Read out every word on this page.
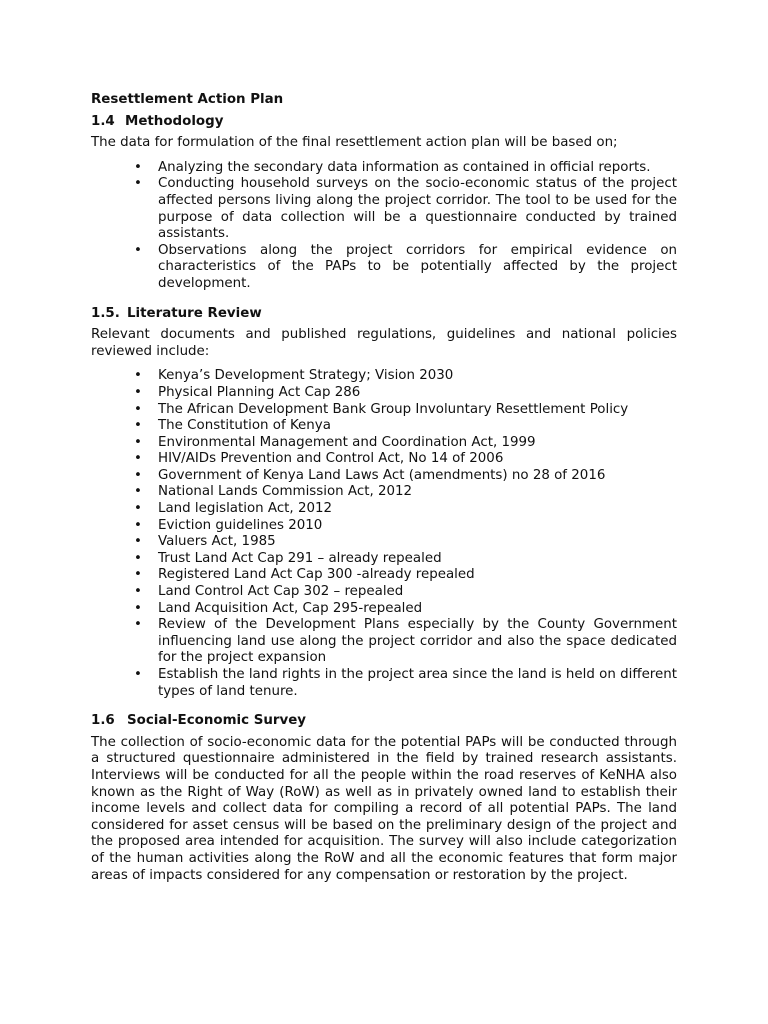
Resettlement Action Plan
1.4 Methodology

The data for formulation of the final resettlement action plan will be based on;

• Analyzing the secondary data information as contained in official reports.
• Conducting household surveys on the socio-economic status of the project affected persons living along the project corridor. The tool to be used for the purpose of data collection will be a questionnaire conducted by trained assistants.
• Observations along the project corridors for empirical evidence on characteristics of the PAPs to be potentially affected by the project development.
1.5. Literature Review

Relevant documents and published regulations, guidelines and national policies reviewed include:

• Kenya’s Development Strategy; Vision 2030
• Physical Planning Act Cap 286
• The African Development Bank Group Involuntary Resettlement Policy
• The Constitution of Kenya
• Environmental Management and Coordination Act, 1999
• HIV/AIDs Prevention and Control Act, No 14 of 2006
• Government of Kenya Land Laws Act (amendments) no 28 of 2016
• National Lands Commission Act, 2012
• Land legislation Act, 2012
• Eviction guidelines 2010
• Valuers Act, 1985
• Trust Land Act Cap 291 – already repealed
• Registered Land Act Cap 300 -already repealed
• Land Control Act Cap 302 – repealed
• Land Acquisition Act, Cap 295-repealed
• Review of the Development Plans especially by the County Government influencing land use along the project corridor and also the space dedicated for the project expansion
• Establish the land rights in the project area since the land is held on different types of land tenure.
1.6 Social-Economic Survey

The collection of socio-economic data for the potential PAPs will be conducted through a structured questionnaire administered in the field by trained research assistants. Interviews will be conducted for all the people within the road reserves of KeNHA also known as the Right of Way (RoW) as well as in privately owned land to establish their income levels and collect data for compiling a record of all potential PAPs. The land considered for asset census will be based on the preliminary design of the project and the proposed area intended for acquisition. The survey will also include categorization of the human activities along the RoW and all the economic features that form major areas of impacts considered for any compensation or restoration by the project.
